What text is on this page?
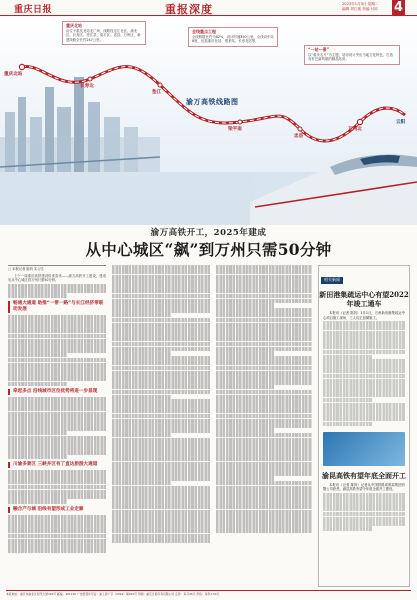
重庆日报	重报深度	2023年1月3日 星期二
编辑 刘江珑 美编 付裕	4
重庆北站
由位于重庆北站北广场，线路经过江北区、渝北区、长寿区、垫江县、梁平区、忠县、万州区，新建线路全长约247公里。
全线重点工程
全线桥隧比约为82%，设计时速350公里，全线设车站8座，包括重庆北站、悦来站、长寿北站等。
“一站一景”
以“重庆名片”为主题，站房设计突出当地文化特色，打造具有巴渝风貌的精品站房。
渝万高铁线路图
重庆北站
长寿北
垫江
梁平南
忠县
万州北
云阳
渝万高铁开工，2025年建成
从中心城区“飙”到万州只需50分钟
□ 本报记者 陈钧 实习生
上个一周重庆高铁建设传来喜讯——渝万高铁开工建设，建成后从中心城区到万州只需50分钟。
畅通大通道 助推“一带一路”与长江经济带联动发展
牵起多点 沿线城市区位优势将进一步显现
川渝多景区 三峡并区有了直达旅游大通道
融合产与城 沿线有望形成工业走廊
相关新闻
新田港集疏运中心有望2022年竣工通车
本报讯（记者 陈钧）1月1日，万州新田港集疏运中心项目施工现场，工人们正加紧施工。
渝昆高铁有望年底全面开工
本报讯（记者 陈钧）记者从中国铁路成都局集团有限公司获悉，渝昆高铁有望今年底全面开工建设。
本报地址：重庆市渝北区同茂大道416号 邮编：401120 广告经营许可证：渝工商广字（2019）第001号 印刷：重庆日报印务有限公司 定价：每月45元 零售：每份1.50元
